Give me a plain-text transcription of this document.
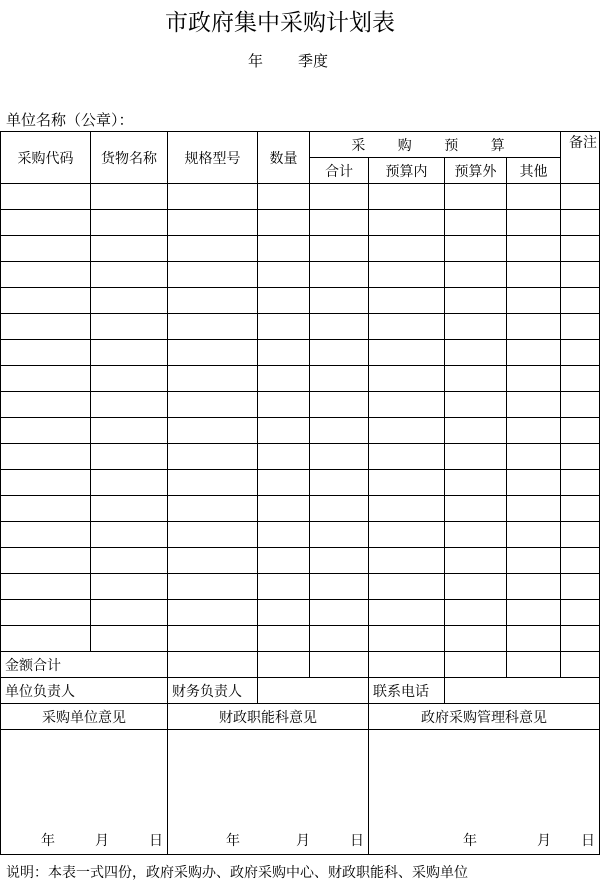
市政府集中采购计划表
年 季度
单位名称（公章）：
采购代码	货物名称	规格型号	数量	采 购 预 算				备注
				合计	预算内	预算外	其他	

金额合计								
单位负责人		财务负责人			联系电话			
采购单位意见		财政职能科意见			政府采购管理科意见			

年 月 日		年 月 日			年 月 日			
说明：本表一式四份，政府采购办、政府采购中心、财政职能科、采购单位
